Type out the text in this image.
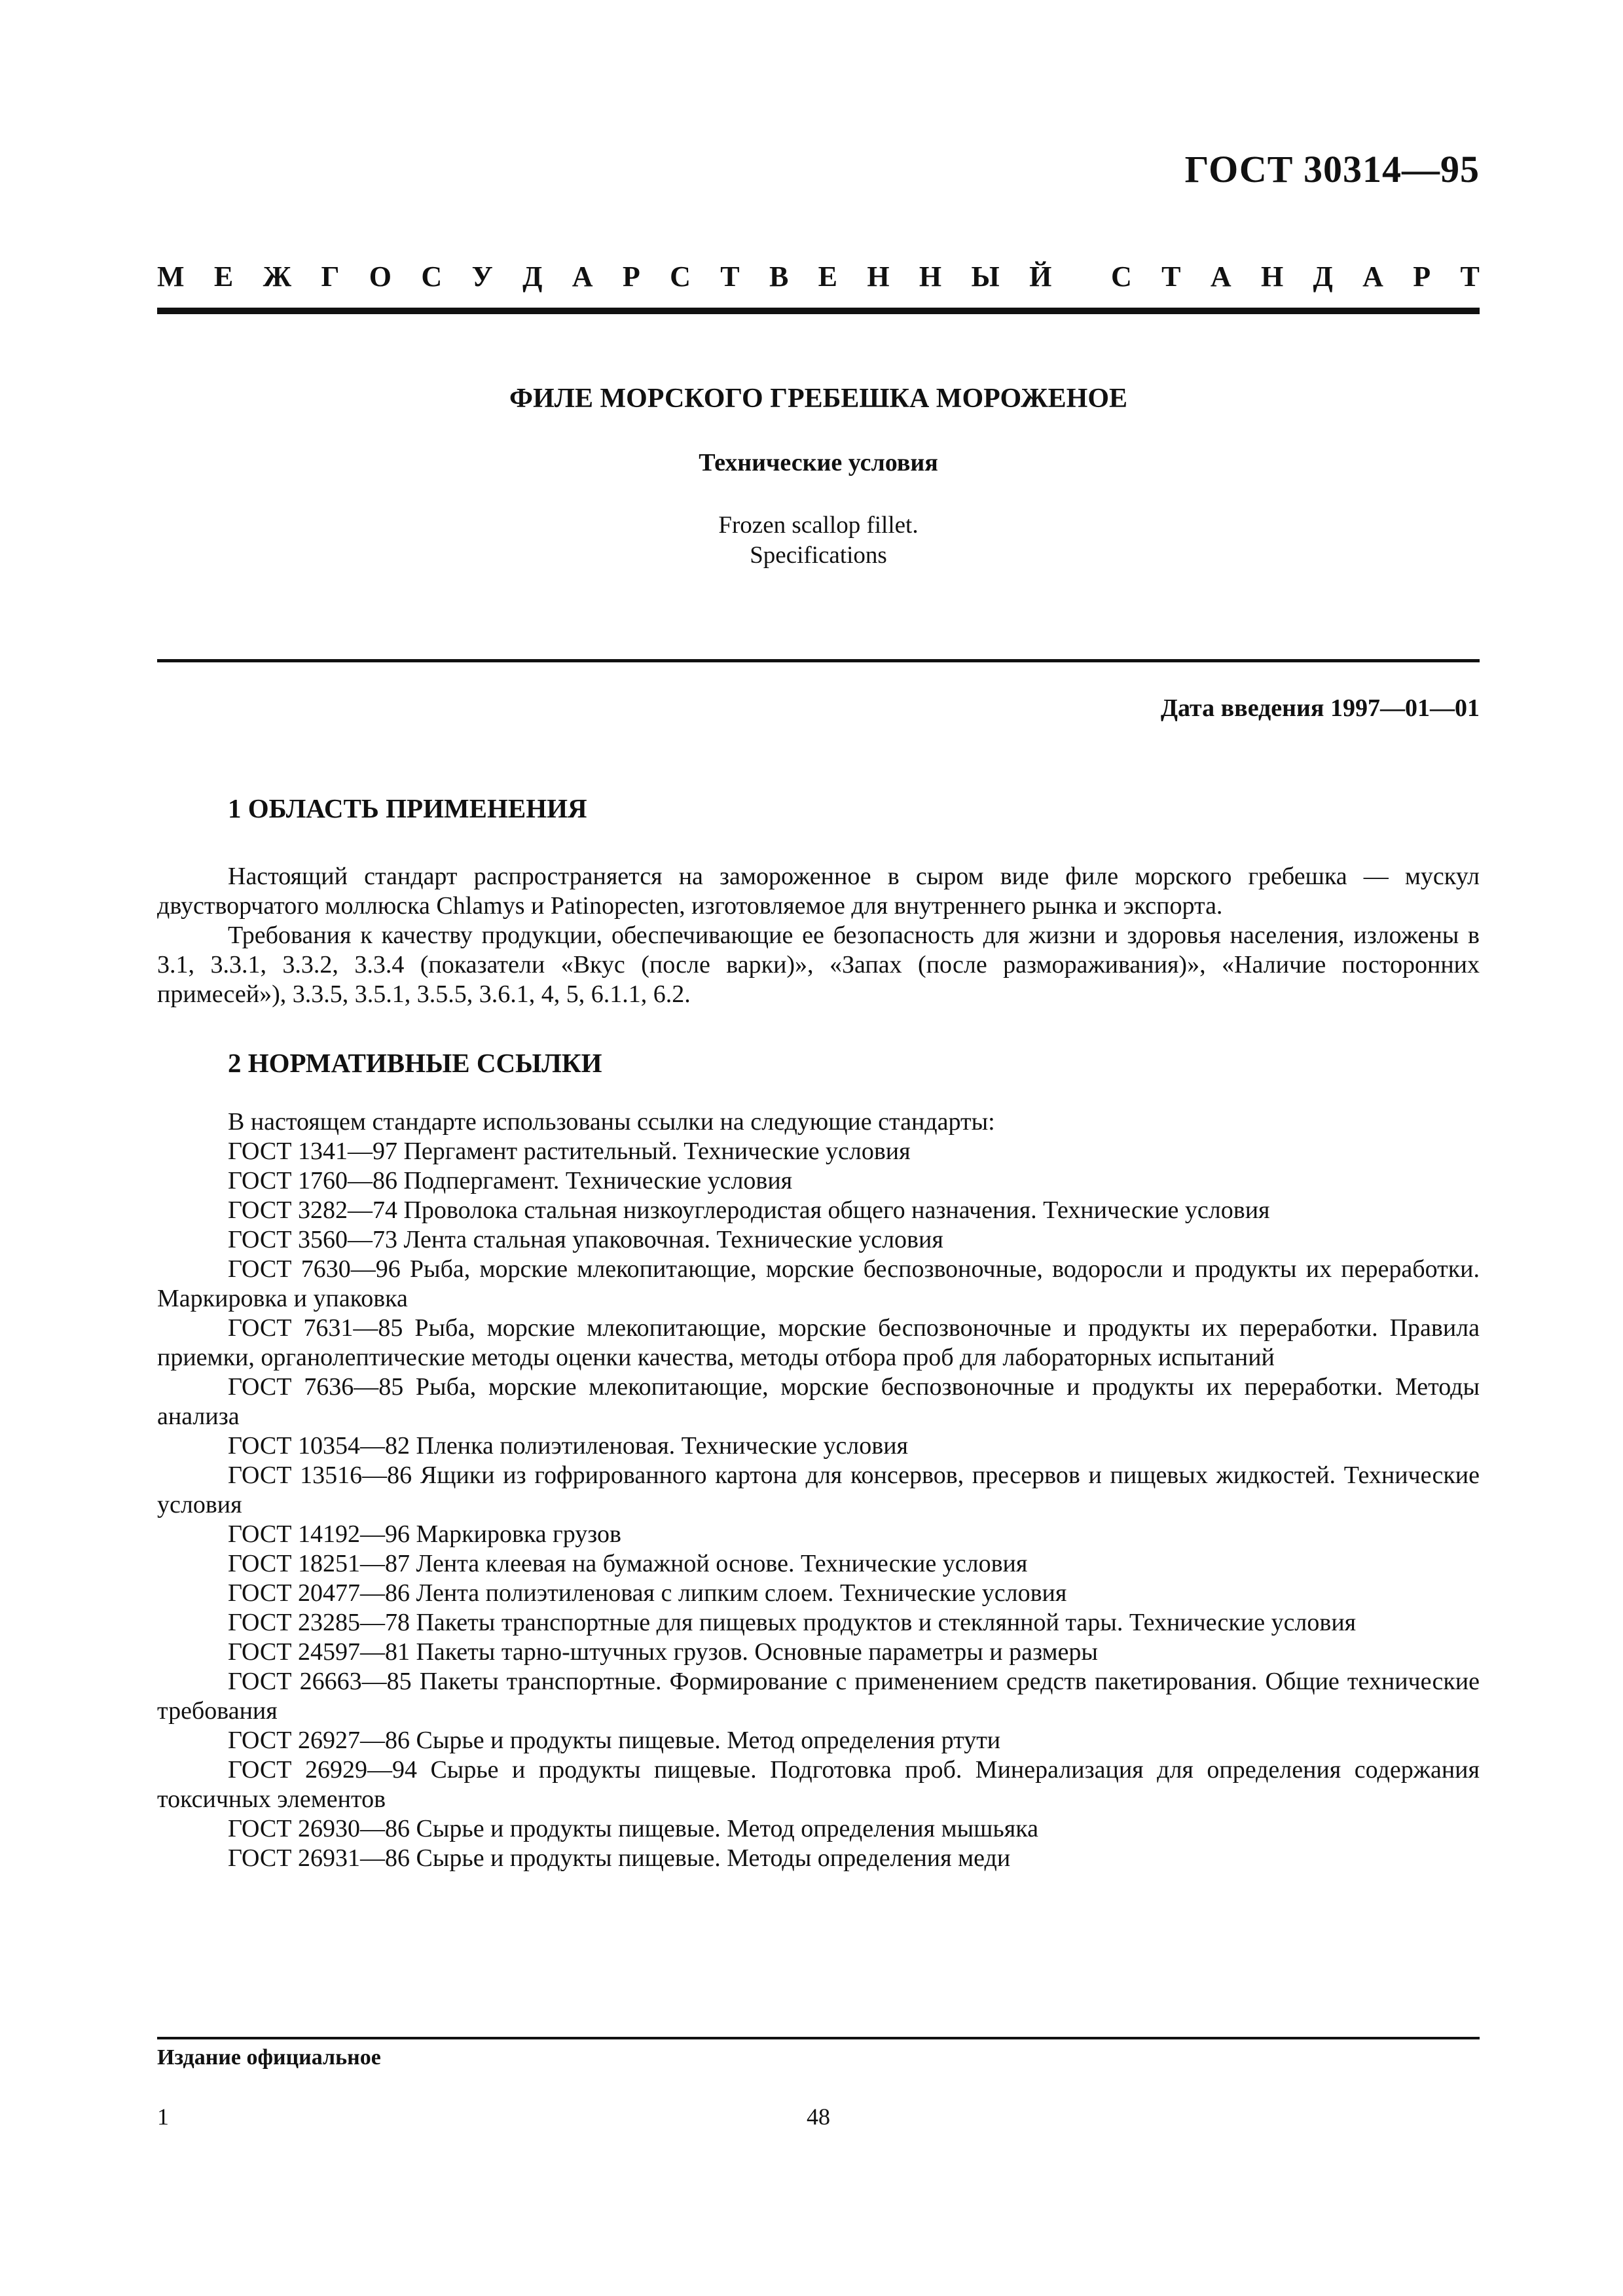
ГОСТ 30314—95
М Е Ж Г О С У Д А Р С Т В Е Н Н Ы Й С Т А Н Д А Р Т
ФИЛЕ МОРСКОГО ГРЕБЕШКА МОРОЖЕНОЕ
Технические условия
Frozen scallop fillet.
Specifications
Дата введения 1997—01—01
1 ОБЛАСТЬ ПРИМЕНЕНИЯ

Настоящий стандарт распространяется на замороженное в сыром виде филе морского гребешка — мускул двустворчатого моллюска Chlamys и Patinopecten, изготовляемое для внутреннего рынка и экспорта.

Требования к качеству продукции, обеспечивающие ее безопасность для жизни и здоровья населения, изложены в 3.1, 3.3.1, 3.3.2, 3.3.4 (показатели «Вкус (после варки)», «Запах (после размораживания)», «Наличие посторонних примесей»), 3.3.5, 3.5.1, 3.5.5, 3.6.1, 4, 5, 6.1.1, 6.2.

2 НОРМАТИВНЫЕ ССЫЛКИ

В настоящем стандарте использованы ссылки на следующие стандарты:

ГОСТ 1341—97 Пергамент растительный. Технические условия

ГОСТ 1760—86 Подпергамент. Технические условия

ГОСТ 3282—74 Проволока стальная низкоуглеродистая общего назначения. Технические условия

ГОСТ 3560—73 Лента стальная упаковочная. Технические условия

ГОСТ 7630—96 Рыба, морские млекопитающие, морские беспозвоночные, водоросли и продукты их переработки. Маркировка и упаковка

ГОСТ 7631—85 Рыба, морские млекопитающие, морские беспозвоночные и продукты их переработки. Правила приемки, органолептические методы оценки качества, методы отбора проб для лабораторных испытаний

ГОСТ 7636—85 Рыба, морские млекопитающие, морские беспозвоночные и продукты их переработки. Методы анализа

ГОСТ 10354—82 Пленка полиэтиленовая. Технические условия

ГОСТ 13516—86 Ящики из гофрированного картона для консервов, пресервов и пищевых жидкостей. Технические условия

ГОСТ 14192—96 Маркировка грузов

ГОСТ 18251—87 Лента клеевая на бумажной основе. Технические условия

ГОСТ 20477—86 Лента полиэтиленовая с липким слоем. Технические условия

ГОСТ 23285—78 Пакеты транспортные для пищевых продуктов и стеклянной тары. Технические условия

ГОСТ 24597—81 Пакеты тарно-штучных грузов. Основные параметры и размеры

ГОСТ 26663—85 Пакеты транспортные. Формирование с применением средств пакетирования. Общие технические требования

ГОСТ 26927—86 Сырье и продукты пищевые. Метод определения ртути

ГОСТ 26929—94 Сырье и продукты пищевые. Подготовка проб. Минерализация для определения содержания токсичных элементов

ГОСТ 26930—86 Сырье и продукты пищевые. Метод определения мышьяка

ГОСТ 26931—86 Сырье и продукты пищевые. Методы определения меди

Издание официальное
1	48
